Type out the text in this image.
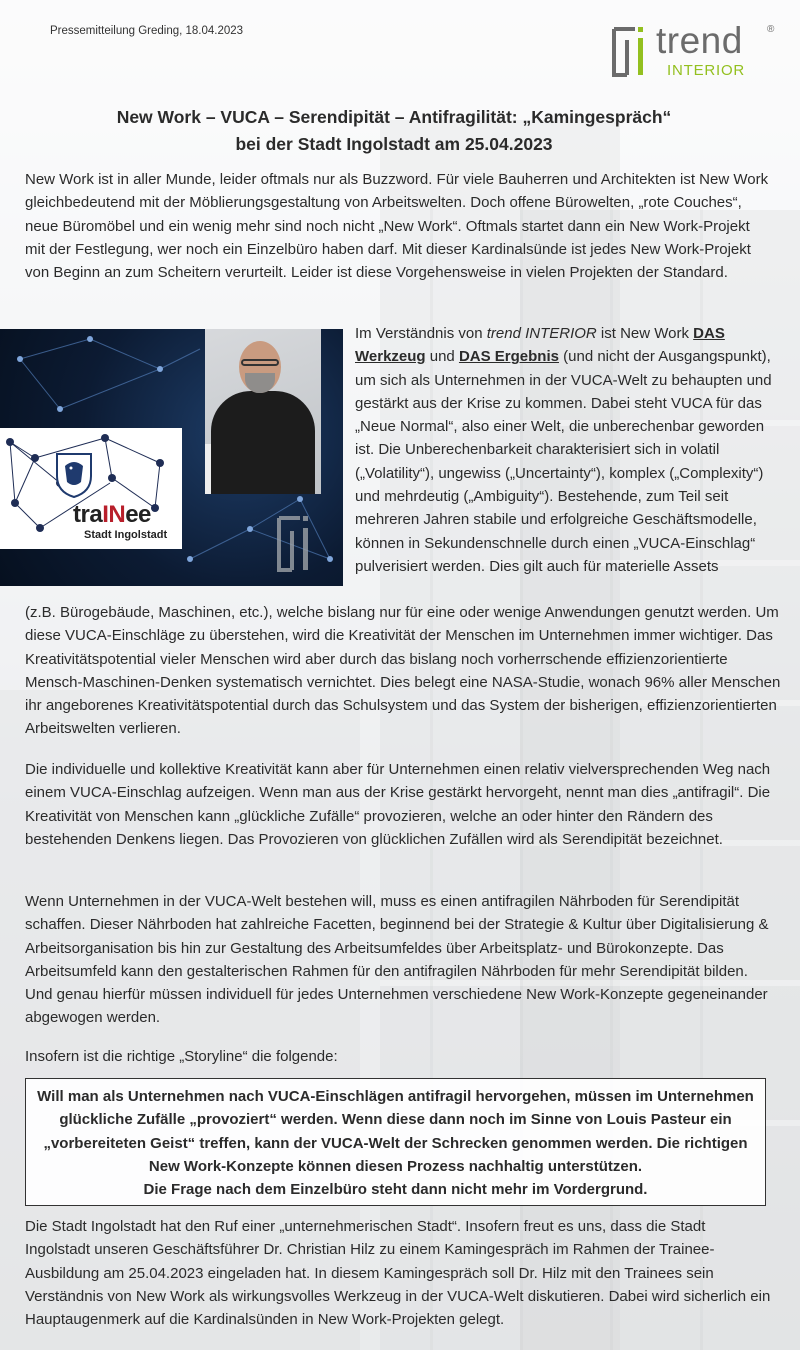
Pressemitteilung Greding, 18.04.2023	trend ®
INTERIOR
New Work – VUCA – Serendipität – Antifragilität: „Kamingespräch“
bei der Stadt Ingolstadt am 25.04.2023

New Work ist in aller Munde, leider oftmals nur als Buzzword. Für viele Bauherren und Architekten ist New Work gleichbedeutend mit der Möblierungsgestaltung von Arbeitswelten. Doch offene Bürowelten, „rote Couches“, neue Büromöbel und ein wenig mehr sind noch nicht „New Work“. Oftmals startet dann ein New Work-Projekt mit der Festlegung, wer noch ein Einzelbüro haben darf. Mit dieser Kardinalsünde ist jedes New Work-Projekt von Beginn an zum Scheitern verurteilt. Leider ist diese Vorgehensweise in vielen Projekten der Standard.

traINee
Stadt Ingolstadt

Im Verständnis von trend INTERIOR ist New Work DAS Werkzeug und DAS Ergebnis (und nicht der Ausgangspunkt), um sich als Unternehmen in der VUCA-Welt zu behaupten und gestärkt aus der Krise zu kommen. Dabei steht VUCA für das „Neue Normal“, also einer Welt, die unberechenbar geworden ist. Die Unberechenbarkeit charakterisiert sich in volatil („Volatility“), ungewiss („Uncertainty“), komplex („Complexity“) und mehrdeutig („Ambiguity“). Bestehende, zum Teil seit mehreren Jahren stabile und erfolgreiche Geschäftsmodelle, können in Sekundenschnelle durch einen „VUCA-Einschlag“ pulverisiert werden. Dies gilt auch für materielle Assets

(z.B. Bürogebäude, Maschinen, etc.), welche bislang nur für eine oder wenige Anwendungen genutzt werden. Um diese VUCA-Einschläge zu überstehen, wird die Kreativität der Menschen im Unternehmen immer wichtiger. Das Kreativitätspotential vieler Menschen wird aber durch das bislang noch vorherrschende effizienzorientierte Mensch-Maschinen-Denken systematisch vernichtet. Dies belegt eine NASA-Studie, wonach 96% aller Menschen ihr angeborenes Kreativitätspotential durch das Schulsystem und das System der bisherigen, effizienzorientierten Arbeitswelten verlieren.

Die individuelle und kollektive Kreativität kann aber für Unternehmen einen relativ vielversprechenden Weg nach einem VUCA-Einschlag aufzeigen. Wenn man aus der Krise gestärkt hervorgeht, nennt man dies „antifragil“. Die Kreativität von Menschen kann „glückliche Zufälle“ provozieren, welche an oder hinter den Rändern des bestehenden Denkens liegen. Das Provozieren von glücklichen Zufällen wird als Serendipität bezeichnet.

Wenn Unternehmen in der VUCA-Welt bestehen will, muss es einen antifragilen Nährboden für Serendipität schaffen. Dieser Nährboden hat zahlreiche Facetten, beginnend bei der Strategie & Kultur über Digitalisierung & Arbeitsorganisation bis hin zur Gestaltung des Arbeitsumfeldes über Arbeitsplatz- und Bürokonzepte. Das Arbeitsumfeld kann den gestalterischen Rahmen für den antifragilen Nährboden für mehr Serendipität bilden. Und genau hierfür müssen individuell für jedes Unternehmen verschiedene New Work-Konzepte gegeneinander abgewogen werden.

Insofern ist die richtige „Storyline“ die folgende:

Will man als Unternehmen nach VUCA-Einschlägen antifragil hervorgehen, müssen im Unternehmen glückliche Zufälle „provoziert“ werden. Wenn diese dann noch im Sinne von Louis Pasteur ein „vorbereiteten Geist“ treffen, kann der VUCA-Welt der Schrecken genommen werden. Die richtigen New Work-Konzepte können diesen Prozess nachhaltig unterstützen.
Die Frage nach dem Einzelbüro steht dann nicht mehr im Vordergrund.

Die Stadt Ingolstadt hat den Ruf einer „unternehmerischen Stadt“. Insofern freut es uns, dass die Stadt Ingolstadt unseren Geschäftsführer Dr. Christian Hilz zu einem Kamingespräch im Rahmen der Trainee-Ausbildung am 25.04.2023 eingeladen hat. In diesem Kamingespräch soll Dr. Hilz mit den Trainees sein Verständnis von New Work als wirkungsvolles Werkzeug in der VUCA-Welt diskutieren. Dabei wird sicherlich ein Hauptaugenmerk auf die Kardinalsünden in New Work-Projekten gelegt.
